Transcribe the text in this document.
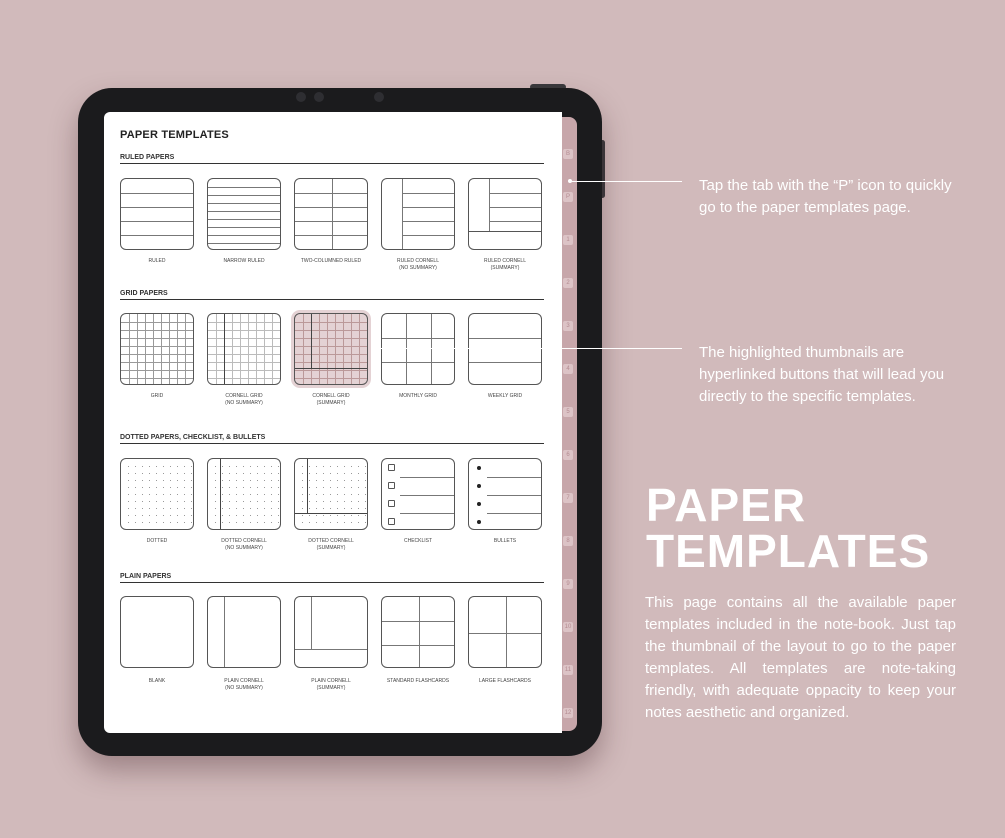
B
P
1
2
3
4
5
6
7
8
9
10
11
12
PAPER TEMPLATES
RULED PAPERS
RULED	NARROW RULED	TWO-COLUMNED RULED	RULED CORNELL
(NO SUMMARY)
RULED CORNELL
(SUMMARY)
GRID PAPERS
GRID	CORNELL GRID
(NO SUMMARY)
CORNELL GRID
(SUMMARY)
MONTHLY GRID	WEEKLY GRID
DOTTED PAPERS, CHECKLIST, & BULLETS
DOTTED	DOTTED CORNELL
(NO SUMMARY)
DOTTED CORNELL
(SUMMARY)
CHECKLIST	BULLETS
PLAIN PAPERS
BLANK	PLAIN CORNELL
(NO SUMMARY)
PLAIN CORNELL
(SUMMARY)
STANDARD FLASHCARDS	LARGE FLASHCARDS
Tap the tab with the “P” icon to quickly go to the paper templates page.
The highlighted thumbnails are hyperlinked buttons that will lead you directly to the specific templates.
PAPER
TEMPLATES
This page contains all the available paper templates included in the note-book. Just tap the thumbnail of the layout to go to the paper templates. All templates are note-taking friendly, with adequate oppacity to keep your notes aesthetic and organized.
